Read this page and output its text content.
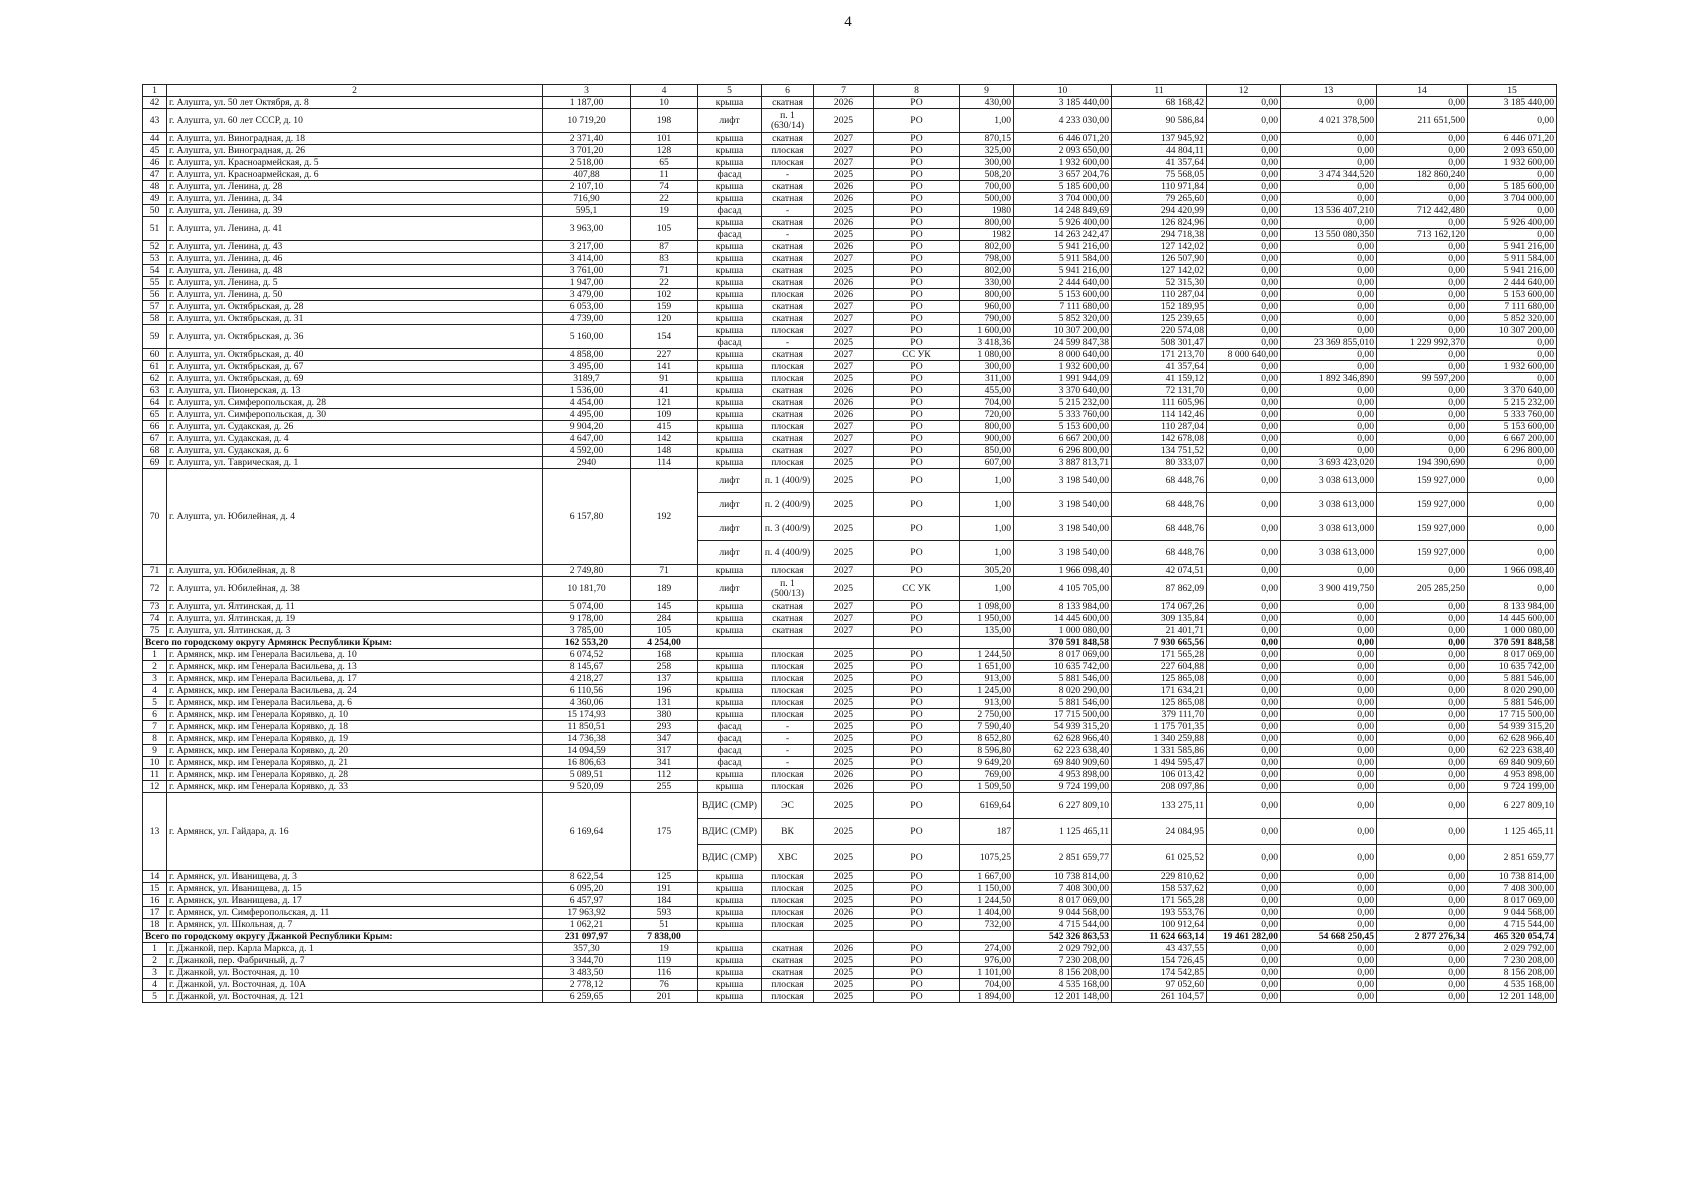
4
1	2	3	4	5	6	7	8	9	10	11	12	13	14	15
42	г. Алушта, ул. 50 лет Октября, д. 8	1 187,00	10	крыша	скатная	2026	РО	430,00	3 185 440,00	68 168,42	0,00	0,00	0,00	3 185 440,00
43	г. Алушта, ул. 60 лет СССР, д. 10	10 719,20	198	лифт	п. 1 (630/14)	2025	РО	1,00	4 233 030,00	90 586,84	0,00	4 021 378,500	211 651,500	0,00
44	г. Алушта, ул. Виноградная, д. 18	2 371,40	101	крыша	скатная	2027	РО	870,15	6 446 071,20	137 945,92	0,00	0,00	0,00	6 446 071,20
45	г. Алушта, ул. Виноградная, д. 26	3 701,20	128	крыша	плоская	2027	РО	325,00	2 093 650,00	44 804,11	0,00	0,00	0,00	2 093 650,00
46	г. Алушта, ул. Красноармейская, д. 5	2 518,00	65	крыша	плоская	2027	РО	300,00	1 932 600,00	41 357,64	0,00	0,00	0,00	1 932 600,00
47	г. Алушта, ул. Красноармейская, д. 6	407,88	11	фасад	-	2025	РО	508,20	3 657 204,76	75 568,05	0,00	3 474 344,520	182 860,240	0,00
48	г. Алушта, ул. Ленина, д. 28	2 107,10	74	крыша	скатная	2026	РО	700,00	5 185 600,00	110 971,84	0,00	0,00	0,00	5 185 600,00
49	г. Алушта, ул. Ленина, д. 34	716,90	22	крыша	скатная	2026	РО	500,00	3 704 000,00	79 265,60	0,00	0,00	0,00	3 704 000,00
50	г. Алушта, ул. Ленина, д. 39	595,1	19	фасад	-	2025	РО	1980	14 248 849,69	294 420,99	0,00	13 536 407,210	712 442,480	0,00
51	г. Алушта, ул. Ленина, д. 41	3 963,00	105	крыша	скатная	2026	РО	800,00	5 926 400,00	126 824,96	0,00	0,00	0,00	5 926 400,00
				фасад	-	2025	РО	1982	14 263 242,47	294 718,38	0,00	13 550 080,350	713 162,120	0,00
52	г. Алушта, ул. Ленина, д. 43	3 217,00	87	крыша	скатная	2026	РО	802,00	5 941 216,00	127 142,02	0,00	0,00	0,00	5 941 216,00
53	г. Алушта, ул. Ленина, д. 46	3 414,00	83	крыша	скатная	2027	РО	798,00	5 911 584,00	126 507,90	0,00	0,00	0,00	5 911 584,00
54	г. Алушта, ул. Ленина, д. 48	3 761,00	71	крыша	скатная	2025	РО	802,00	5 941 216,00	127 142,02	0,00	0,00	0,00	5 941 216,00
55	г. Алушта, ул. Ленина, д. 5	1 947,00	22	крыша	скатная	2026	РО	330,00	2 444 640,00	52 315,30	0,00	0,00	0,00	2 444 640,00
56	г. Алушта, ул. Ленина, д. 50	3 479,00	102	крыша	плоская	2026	РО	800,00	5 153 600,00	110 287,04	0,00	0,00	0,00	5 153 600,00
57	г. Алушта, ул. Октябрьская, д. 28	6 053,00	159	крыша	скатная	2027	РО	960,00	7 111 680,00	152 189,95	0,00	0,00	0,00	7 111 680,00
58	г. Алушта, ул. Октябрьская, д. 31	4 739,00	120	крыша	скатная	2027	РО	790,00	5 852 320,00	125 239,65	0,00	0,00	0,00	5 852 320,00
59	г. Алушта, ул. Октябрьская, д. 36	5 160,00	154	крыша	плоская	2027	РО	1 600,00	10 307 200,00	220 574,08	0,00	0,00	0,00	10 307 200,00
				фасад	-	2025	РО	3 418,36	24 599 847,38	508 301,47	0,00	23 369 855,010	1 229 992,370	0,00
60	г. Алушта, ул. Октябрьская, д. 40	4 858,00	227	крыша	скатная	2027	СС УК	1 080,00	8 000 640,00	171 213,70	8 000 640,00	0,00	0,00	0,00
61	г. Алушта, ул. Октябрьская, д. 67	3 495,00	141	крыша	плоская	2027	РО	300,00	1 932 600,00	41 357,64	0,00	0,00	0,00	1 932 600,00
62	г. Алушта, ул. Октябрьская, д. 69	3189,7	91	крыша	плоская	2025	РО	311,00	1 991 944,09	41 159,12	0,00	1 892 346,890	99 597,200	0,00
63	г. Алушта, ул. Пионерская, д. 13	1 536,00	41	крыша	скатная	2026	РО	455,00	3 370 640,00	72 131,70	0,00	0,00	0,00	3 370 640,00
64	г. Алушта, ул. Симферопольская, д. 28	4 454,00	121	крыша	скатная	2026	РО	704,00	5 215 232,00	111 605,96	0,00	0,00	0,00	5 215 232,00
65	г. Алушта, ул. Симферопольская, д. 30	4 495,00	109	крыша	скатная	2026	РО	720,00	5 333 760,00	114 142,46	0,00	0,00	0,00	5 333 760,00
66	г. Алушта, ул. Судакская, д. 26	9 904,20	415	крыша	плоская	2027	РО	800,00	5 153 600,00	110 287,04	0,00	0,00	0,00	5 153 600,00
67	г. Алушта, ул. Судакская, д. 4	4 647,00	142	крыша	скатная	2027	РО	900,00	6 667 200,00	142 678,08	0,00	0,00	0,00	6 667 200,00
68	г. Алушта, ул. Судакская, д. 6	4 592,00	148	крыша	скатная	2027	РО	850,00	6 296 800,00	134 751,52	0,00	0,00	0,00	6 296 800,00
69	г. Алушта, ул. Таврическая, д. 1	2940	114	крыша	плоская	2025	РО	607,00	3 887 813,71	80 333,07	0,00	3 693 423,020	194 390,690	0,00
70	г. Алушта, ул. Юбилейная, д. 4	6 157,80	192	лифт	п. 1 (400/9)	2025	РО	1,00	3 198 540,00	68 448,76	0,00	3 038 613,000	159 927,000	0,00
				лифт	п. 2 (400/9)	2025	РО	1,00	3 198 540,00	68 448,76	0,00	3 038 613,000	159 927,000	0,00
				лифт	п. 3 (400/9)	2025	РО	1,00	3 198 540,00	68 448,76	0,00	3 038 613,000	159 927,000	0,00
				лифт	п. 4 (400/9)	2025	РО	1,00	3 198 540,00	68 448,76	0,00	3 038 613,000	159 927,000	0,00
71	г. Алушта, ул. Юбилейная, д. 8	2 749,80	71	крыша	плоская	2027	РО	305,20	1 966 098,40	42 074,51	0,00	0,00	0,00	1 966 098,40
72	г. Алушта, ул. Юбилейная, д. 38	10 181,70	189	лифт	п. 1 (500/13)	2025	СС УК	1,00	4 105 705,00	87 862,09	0,00	3 900 419,750	205 285,250	0,00
73	г. Алушта, ул. Ялтинская, д. 11	5 074,00	145	крыша	скатная	2027	РО	1 098,00	8 133 984,00	174 067,26	0,00	0,00	0,00	8 133 984,00
74	г. Алушта, ул. Ялтинская, д. 19	9 178,00	284	крыша	скатная	2027	РО	1 950,00	14 445 600,00	309 135,84	0,00	0,00	0,00	14 445 600,00
75	г. Алушта, ул. Ялтинская, д. 3	3 785,00	105	крыша	скатная	2027	РО	135,00	1 000 080,00	21 401,71	0,00	0,00	0,00	1 000 080,00
Всего по городскому округу Армянск Республики Крым:		162 553,20	4 254,00						370 591 848,58	7 930 665,56	0,00	0,00	0,00	370 591 848,58
1	г. Армянск, мкр. им Генерала Васильева, д. 10	6 074,52	168	крыша	плоская	2025	РО	1 244,50	8 017 069,00	171 565,28	0,00	0,00	0,00	8 017 069,00
2	г. Армянск, мкр. им Генерала Васильева, д. 13	8 145,67	258	крыша	плоская	2025	РО	1 651,00	10 635 742,00	227 604,88	0,00	0,00	0,00	10 635 742,00
3	г. Армянск, мкр. им Генерала Васильева, д. 17	4 218,27	137	крыша	плоская	2025	РО	913,00	5 881 546,00	125 865,08	0,00	0,00	0,00	5 881 546,00
4	г. Армянск, мкр. им Генерала Васильева, д. 24	6 110,56	196	крыша	плоская	2025	РО	1 245,00	8 020 290,00	171 634,21	0,00	0,00	0,00	8 020 290,00
5	г. Армянск, мкр. им Генерала Васильева, д. 6	4 360,06	131	крыша	плоская	2025	РО	913,00	5 881 546,00	125 865,08	0,00	0,00	0,00	5 881 546,00
6	г. Армянск, мкр. им Генерала Корявко, д. 10	15 174,93	380	крыша	плоская	2025	РО	2 750,00	17 715 500,00	379 111,70	0,00	0,00	0,00	17 715 500,00
7	г. Армянск, мкр. им Генерала Корявко, д. 18	11 850,51	293	фасад	-	2025	РО	7 590,40	54 939 315,20	1 175 701,35	0,00	0,00	0,00	54 939 315,20
8	г. Армянск, мкр. им Генерала Корявко, д. 19	14 736,38	347	фасад	-	2025	РО	8 652,80	62 628 966,40	1 340 259,88	0,00	0,00	0,00	62 628 966,40
9	г. Армянск, мкр. им Генерала Корявко, д. 20	14 094,59	317	фасад	-	2025	РО	8 596,80	62 223 638,40	1 331 585,86	0,00	0,00	0,00	62 223 638,40
10	г. Армянск, мкр. им Генерала Корявко, д. 21	16 806,63	341	фасад	-	2025	РО	9 649,20	69 840 909,60	1 494 595,47	0,00	0,00	0,00	69 840 909,60
11	г. Армянск, мкр. им Генерала Корявко, д. 28	5 089,51	112	крыша	плоская	2026	РО	769,00	4 953 898,00	106 013,42	0,00	0,00	0,00	4 953 898,00
12	г. Армянск, мкр. им Генерала Корявко, д. 33	9 520,09	255	крыша	плоская	2026	РО	1 509,50	9 724 199,00	208 097,86	0,00	0,00	0,00	9 724 199,00
13	г. Армянск, ул. Гайдара, д. 16	6 169,64	175	ВДИС (СМР)	ЭС	2025	РО	6169,64	6 227 809,10	133 275,11	0,00	0,00	0,00	6 227 809,10
				ВДИС (СМР)	ВК	2025	РО	187	1 125 465,11	24 084,95	0,00	0,00	0,00	1 125 465,11
				ВДИС (СМР)	ХВС	2025	РО	1075,25	2 851 659,77	61 025,52	0,00	0,00	0,00	2 851 659,77
14	г. Армянск, ул. Иванищева, д. 3	8 622,54	125	крыша	плоская	2025	РО	1 667,00	10 738 814,00	229 810,62	0,00	0,00	0,00	10 738 814,00
15	г. Армянск, ул. Иванищева, д. 15	6 095,20	191	крыша	плоская	2025	РО	1 150,00	7 408 300,00	158 537,62	0,00	0,00	0,00	7 408 300,00
16	г. Армянск, ул. Иванищева, д. 17	6 457,97	184	крыша	плоская	2025	РО	1 244,50	8 017 069,00	171 565,28	0,00	0,00	0,00	8 017 069,00
17	г. Армянск, ул. Симферопольская, д. 11	17 963,92	593	крыша	плоская	2026	РО	1 404,00	9 044 568,00	193 553,76	0,00	0,00	0,00	9 044 568,00
18	г. Армянск, ул. Школьная, д. 7	1 062,21	51	крыша	плоская	2025	РО	732,00	4 715 544,00	100 912,64	0,00	0,00	0,00	4 715 544,00
Всего по городскому округу Джанкой Республики Крым:		231 097,97	7 838,00						542 326 863,53	11 624 663,14	19 461 282,00	54 668 250,45	2 877 276,34	465 320 054,74
1	г. Джанкой, пер. Карла Маркса, д. 1	357,30	19	крыша	скатная	2026	РО	274,00	2 029 792,00	43 437,55	0,00	0,00	0,00	2 029 792,00
2	г. Джанкой, пер. Фабричный, д. 7	3 344,70	119	крыша	скатная	2025	РО	976,00	7 230 208,00	154 726,45	0,00	0,00	0,00	7 230 208,00
3	г. Джанкой, ул. Восточная, д. 10	3 483,50	116	крыша	скатная	2025	РО	1 101,00	8 156 208,00	174 542,85	0,00	0,00	0,00	8 156 208,00
4	г. Джанкой, ул. Восточная, д. 10А	2 778,12	76	крыша	плоская	2025	РО	704,00	4 535 168,00	97 052,60	0,00	0,00	0,00	4 535 168,00
5	г. Джанкой, ул. Восточная, д. 121	6 259,65	201	крыша	плоская	2025	РО	1 894,00	12 201 148,00	261 104,57	0,00	0,00	0,00	12 201 148,00
